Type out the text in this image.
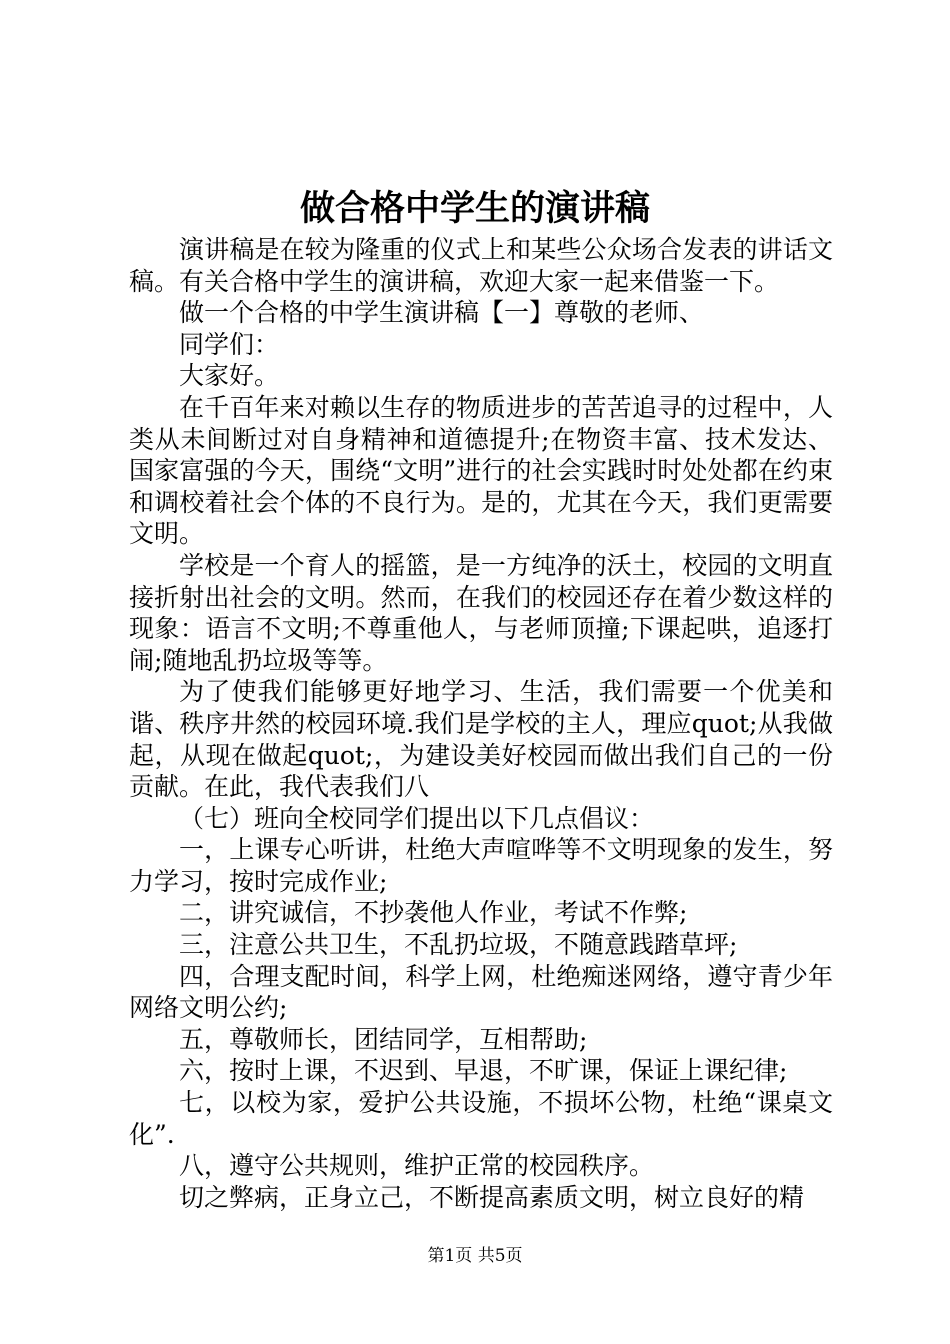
做合格中学生的演讲稿

演讲稿是在较为隆重的仪式上和某些公众场合发表的讲话文稿。有关合格中学生的演讲稿，欢迎大家一起来借鉴一下。

做一个合格的中学生演讲稿【一】尊敬的老师、

同学们：

大家好。

在千百年来对赖以生存的物质进步的苦苦追寻的过程中，人类从未间断过对自身精神和道德提升;在物资丰富、技术发达、国家富强的今天，围绕“文明”进行的社会实践时时处处都在约束和调校着社会个体的不良行为。是的，尤其在今天，我们更需要文明。

学校是一个育人的摇篮，是一方纯净的沃土，校园的文明直接折射出社会的文明。然而，在我们的校园还存在着少数这样的现象：语言不文明;不尊重他人，与老师顶撞;下课起哄，追逐打闹;随地乱扔垃圾等等。

为了使我们能够更好地学习、生活，我们需要一个优美和谐、秩序井然的校园环境.我们是学校的主人，理应quot;从我做起，从现在做起quot;，为建设美好校园而做出我们自己的一份贡献。在此，我代表我们八

（七）班向全校同学们提出以下几点倡议：

一，上课专心听讲，杜绝大声喧哗等不文明现象的发生，努力学习，按时完成作业;

二，讲究诚信，不抄袭他人作业，考试不作弊;

三，注意公共卫生，不乱扔垃圾，不随意践踏草坪;

四，合理支配时间，科学上网，杜绝痴迷网络，遵守青少年网络文明公约;

五，尊敬师长，团结同学，互相帮助;

六，按时上课，不迟到、早退，不旷课，保证上课纪律;

七，以校为家，爱护公共设施，不损坏公物，杜绝“课桌文化”.

八，遵守公共规则，维护正常的校园秩序。

切之弊病，正身立己，不断提高素质文明，树立良好的精

第1页 共5页
